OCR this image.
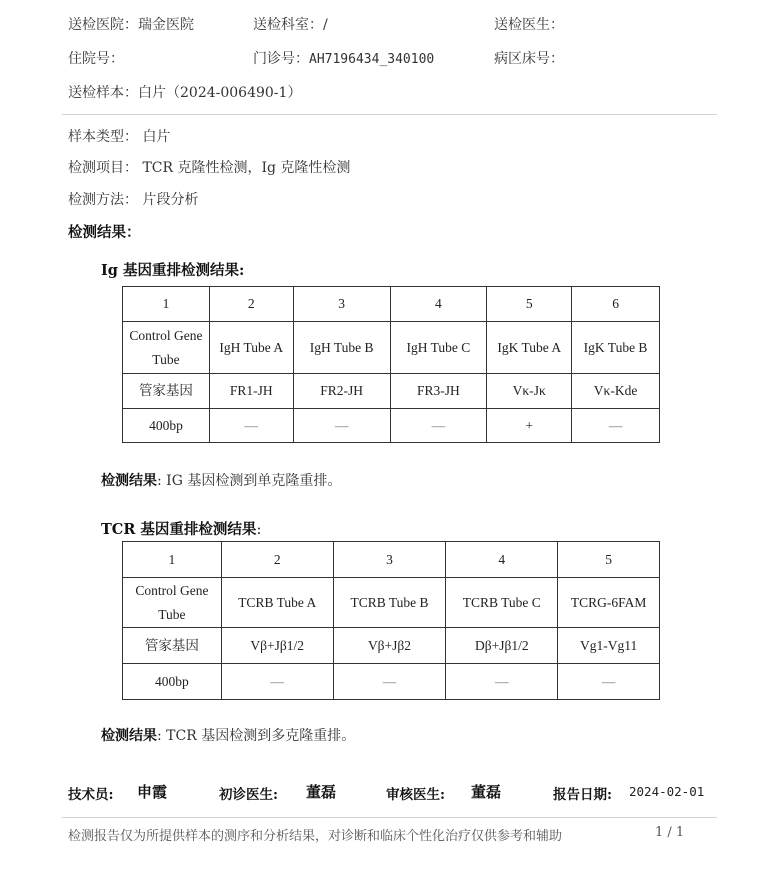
送检医院：瑞金医院	送检科室：/	送检医生：
住院号：	门诊号：AH7196434_340100	病区床号：
送检样本：白片（2024-006490-1）
样本类型： 白片
检测项目： TCR 克隆性检测，Ig 克隆性检测
检测方法： 片段分析
检测结果：
Ig 基因重排检测结果:
1	2	3	4	5	6
Control Gene Tube	IgH Tube A	IgH Tube B	IgH Tube C	IgK Tube A	IgK Tube B
管家基因	FR1-JH	FR2-JH	FR3-JH	Vκ-Jκ	Vκ-Kde
400bp	—	—	—	+	—
检测结果: IG 基因检测到单克隆重排。
TCR 基因重排检测结果:
1	2	3	4	5
Control Gene Tube	TCRB Tube A	TCRB Tube B	TCRB Tube C	TCRG-6FAM
管家基因	Vβ+Jβ1/2	Vβ+Jβ2	Dβ+Jβ1/2	Vg1-Vg11
400bp	—	—	—	—
检测结果: TCR 基因检测到多克隆重排。
技术员: 申霞	初诊医生: 董磊	审核医生: 董磊	报告日期: 2024-02-01
检测报告仅为所提供样本的测序和分析结果，对诊断和临床个性化治疗仅供参考和辅助	1 / 1
